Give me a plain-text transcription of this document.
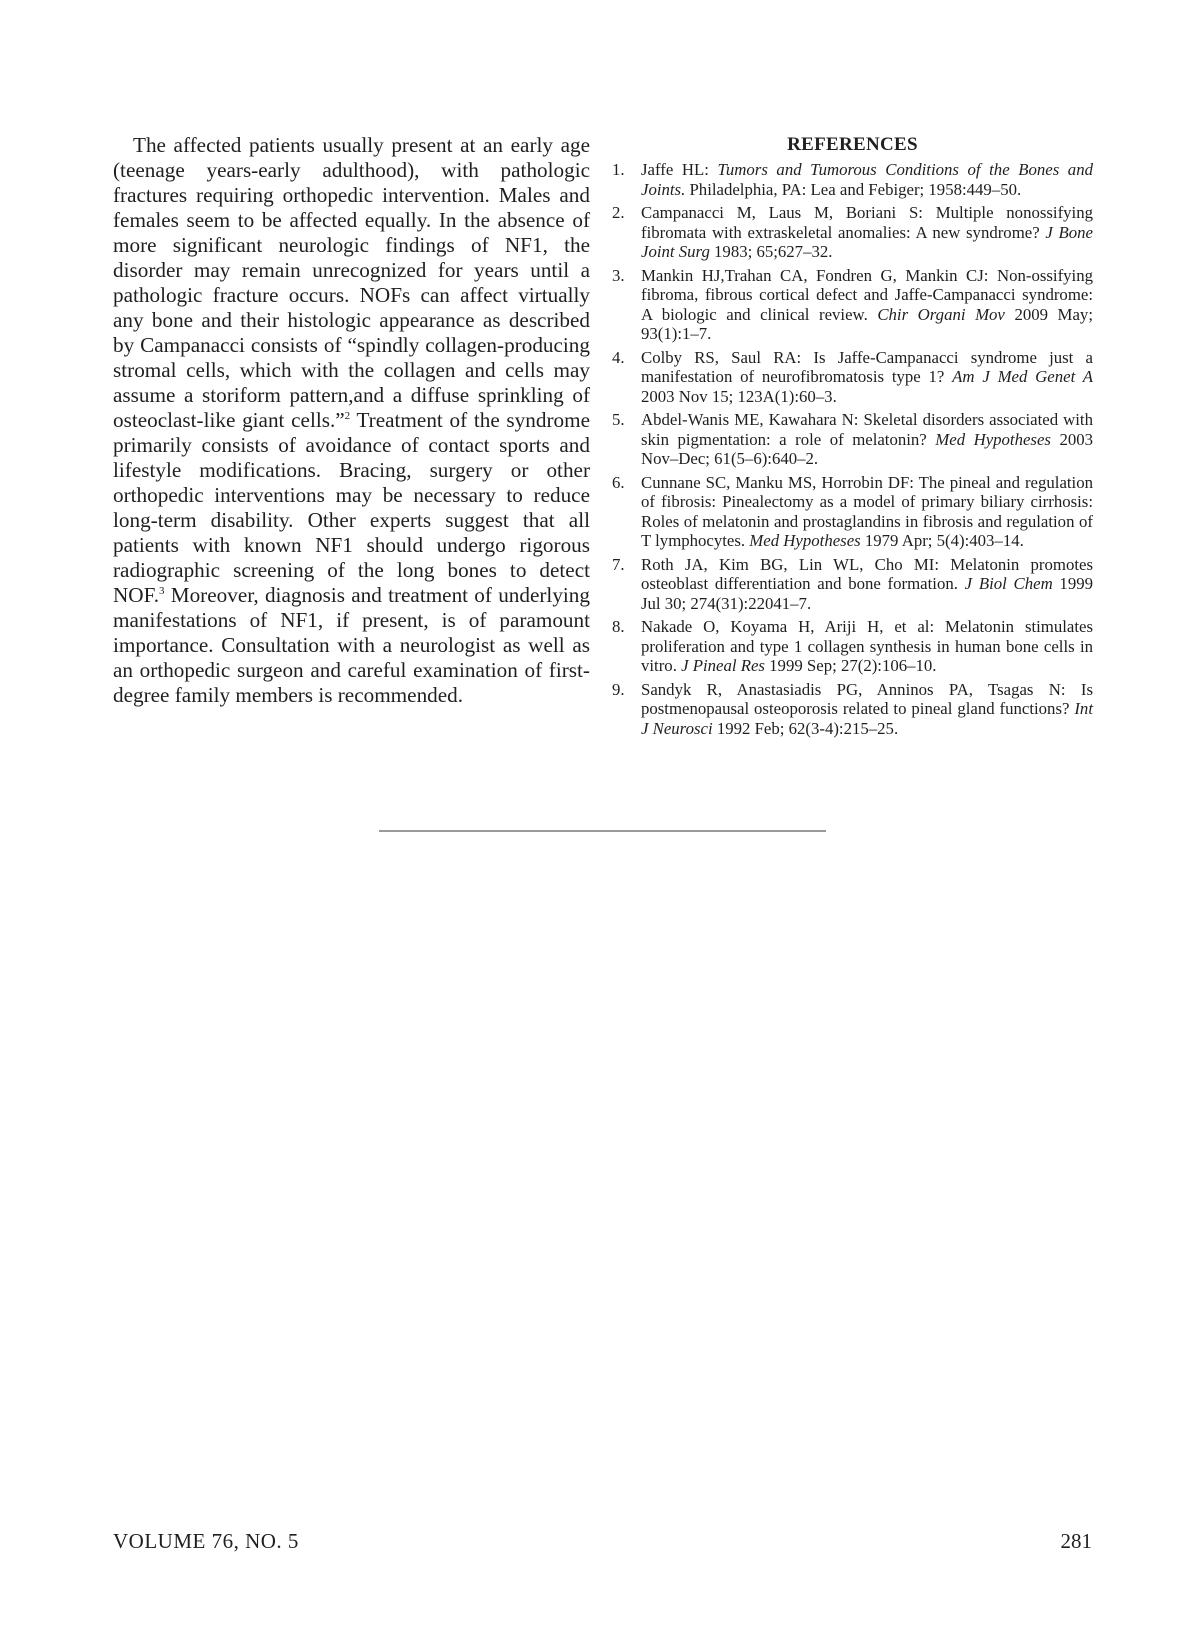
The affected patients usually present at an early age (teenage years-early adulthood), with pathologic fractures requiring orthopedic intervention. Males and females seem to be affected equally. In the absence of more significant neurologic findings of NF1, the disorder may remain unrecognized for years until a pathologic fracture occurs. NOFs can affect virtually any bone and their histologic appearance as described by Campanacci consists of “spindly collagen-producing stromal cells, which with the collagen and cells may assume a storiform pattern,and a diffuse sprinkling of osteoclast-like giant cells.”$^2$ Treatment of the syndrome primarily consists of avoidance of contact sports and lifestyle modifications. Bracing, surgery or other orthopedic interventions may be necessary to reduce long-term disability. Other experts suggest that all patients with known NF1 should undergo rigorous radiographic screening of the long bones to detect NOF.$^3$ Moreover, diagnosis and treatment of underlying manifestations of NF1, if present, is of paramount importance. Consultation with a neurologist as well as an orthopedic surgeon and careful examination of first-degree family members is recommended.

REFERENCES
1. Jaffe HL: Tumors and Tumorous Conditions of the Bones and Joints. Philadelphia, PA: Lea and Febiger; 1958:449–50.
2. Campanacci M, Laus M, Boriani S: Multiple nonossifying fibromata with extraskeletal anomalies: A new syndrome? J Bone Joint Surg 1983; 65;627–32.
3. Mankin HJ,Trahan CA, Fondren G, Mankin CJ: Non-ossifying fibroma, fibrous cortical defect and Jaffe-Campanacci syndrome: A biologic and clinical review. Chir Organi Mov 2009 May; 93(1):1–7.
4. Colby RS, Saul RA: Is Jaffe-Campanacci syndrome just a manifestation of neurofibromatosis type 1? Am J Med Genet A 2003 Nov 15; 123A(1):60–3.
5. Abdel-Wanis ME, Kawahara N: Skeletal disorders associated with skin pigmentation: a role of melatonin? Med Hypotheses 2003 Nov–Dec; 61(5–6):640–2.
6. Cunnane SC, Manku MS, Horrobin DF: The pineal and regulation of fibrosis: Pinealectomy as a model of primary biliary cirrhosis: Roles of melatonin and prostaglandins in fibrosis and regulation of T lymphocytes. Med Hypotheses 1979 Apr; 5(4):403–14.
7. Roth JA, Kim BG, Lin WL, Cho MI: Melatonin promotes osteoblast differentiation and bone formation. J Biol Chem 1999 Jul 30; 274(31):22041–7.
8. Nakade O, Koyama H, Ariji H, et al: Melatonin stimulates proliferation and type 1 collagen synthesis in human bone cells in vitro. J Pineal Res 1999 Sep; 27(2):106–10.
9. Sandyk R, Anastasiadis PG, Anninos PA, Tsagas N: Is postmenopausal osteoporosis related to pineal gland functions? Int J Neurosci 1992 Feb; 62(3-4):215–25.
VOLUME 76, NO. 5	281
